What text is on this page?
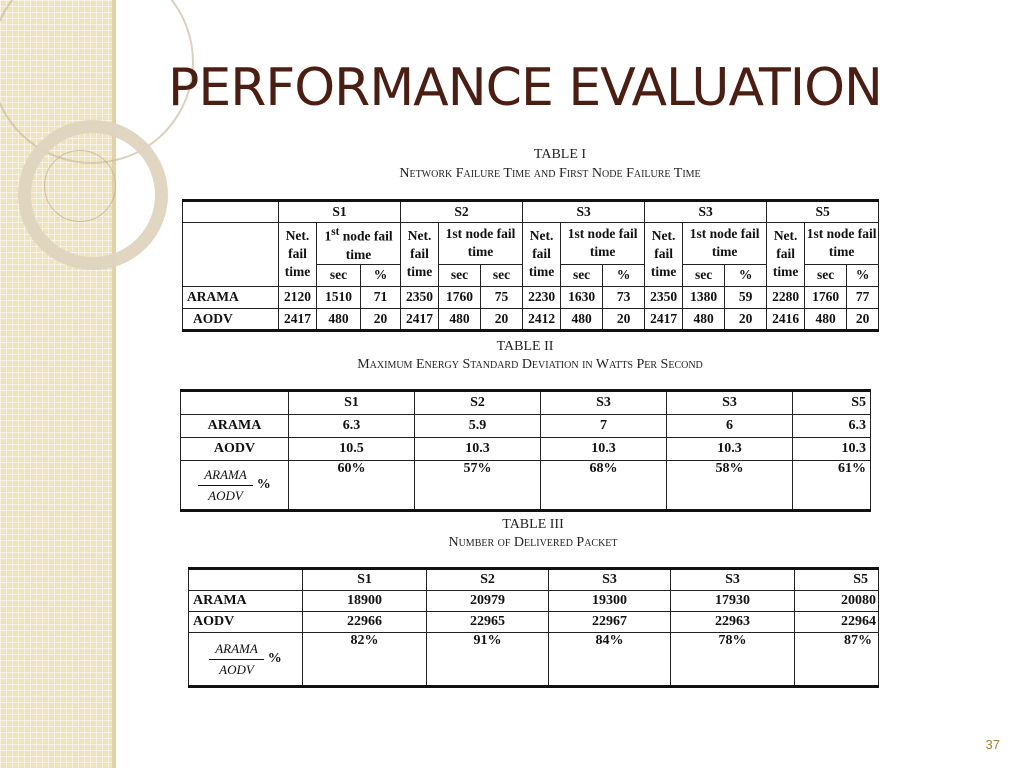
PERFORMANCE EVALUATION
TABLE I
Network Failure Time and First Node Failure Time
	S1			S2			S3			S3			S5		
	Net. fail time	1st node fail time		Net. fail time	1st node fail time		Net. fail time	1st node fail time		Net. fail time	1st node fail time		Net. fail time	1st node fail time	
		sec	%		sec	sec		sec	%		sec	%		sec	%
ARAMA	2120	1510	71	2350	1760	75	2230	1630	73	2350	1380	59	2280	1760	77
AODV	2417	480	20	2417	480	20	2412	480	20	2417	480	20	2416	480	20
TABLE II
Maximum Energy Standard Deviation in Watts Per Second
	S1	S2	S3	S3	S5
ARAMA	6.3	5.9	7	6	6.3
AODV	10.5	10.3	10.3	10.3	10.3

$\frac{\text{ARAMA}}{\text{AODV}}$ %	60%	57%	68%	58%	61%
TABLE III
Number of Delivered Packet
	S1	S2	S3	S3	S5
ARAMA	18900	20979	19300	17930	20080
AODV	22966	22965	22967	22963	22964

$\frac{\text{ARAMA}}{\text{AODV}}$ %	82%	91%	84%	78%	87%
37
